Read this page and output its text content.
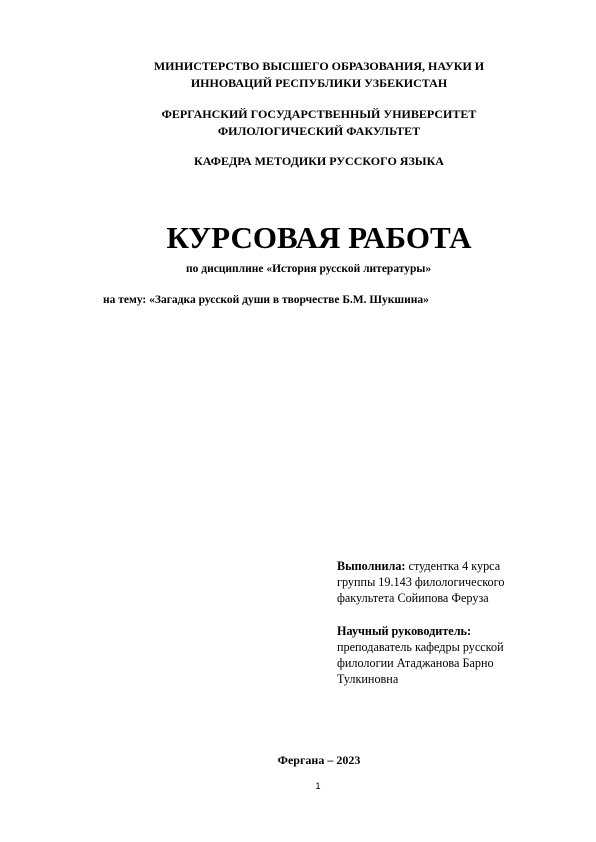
МИНИСТЕРСТВО ВЫСШЕГО ОБРАЗОВАНИЯ, НАУКИ И
ИННОВАЦИЙ РЕСПУБЛИКИ УЗБЕКИСТАН
ФЕРГАНСКИЙ ГОСУДАРСТВЕННЫЙ УНИВЕРСИТЕТ
ФИЛОЛОГИЧЕСКИЙ ФАКУЛЬТЕТ
КАФЕДРА МЕТОДИКИ РУССКОГО ЯЗЫКА
КУРСОВАЯ РАБОТА
по дисциплине «История русской литературы»
на тему: «Загадка русской души в творчестве Б.М. Шукшина»
Выполнила: студентка 4 курса
группы 19.143 филологического
факультета Сойипова Феруза
Научный руководитель:
преподаватель кафедры русской
филологии Атаджанова Барно
Тулкиновна
Фергана – 2023
1
